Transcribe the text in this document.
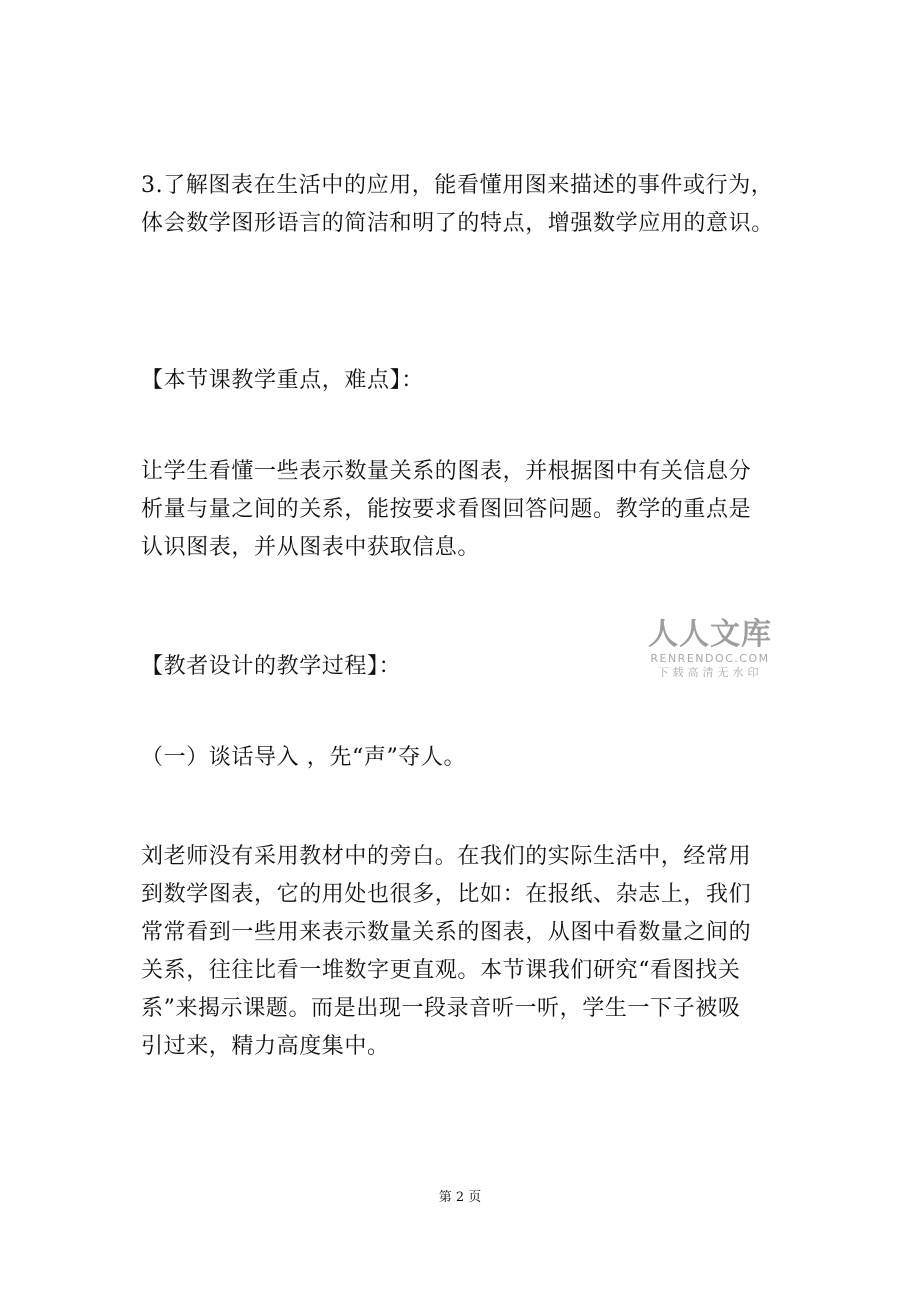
3.了解图表在生活中的应用，能看懂用图来描述的事件或行为，
体会数学图形语言的简洁和明了的特点，增强数学应用的意识。

【本节课教学重点，难点】：

让学生看懂一些表示数量关系的图表，并根据图中有关信息分
析量与量之间的关系，能按要求看图回答问题。教学的重点是
认识图表，并从图表中获取信息。

【教者设计的教学过程】：

（一）谈话导入 ，先“声”夺人。

刘老师没有采用教材中的旁白。在我们的实际生活中，经常用
到数学图表，它的用处也很多，比如：在报纸、杂志上，我们
常常看到一些用来表示数量关系的图表，从图中看数量之间的
关系，往往比看一堆数字更直观。本节课我们研究“看图找关
系”来揭示课题。而是出现一段录音听一听，学生一下子被吸
引过来，精力高度集中。

人人文库
RENRENDOC.COM
下载高清无水印
第 2 页
